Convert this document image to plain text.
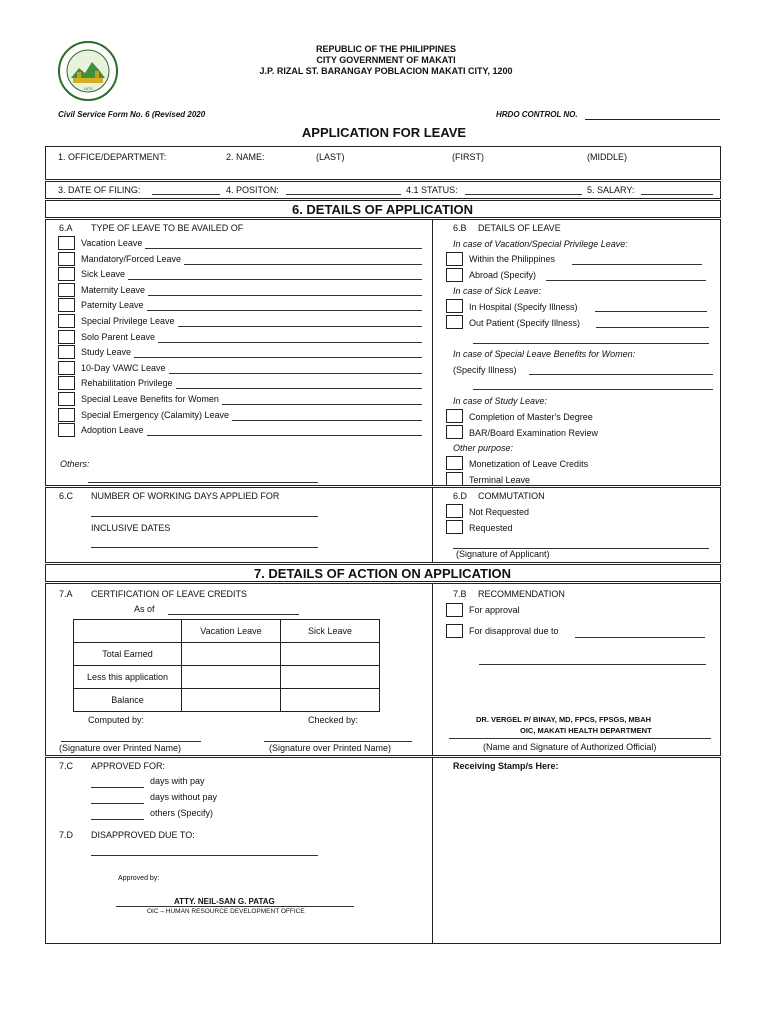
1670
REPUBLIC OF THE PHILIPPINES
CITY GOVERNMENT OF MAKATI
J.P. RIZAL ST. BARANGAY POBLACION MAKATI CITY, 1200
Civil Service Form No. 6 (Revised 2020	HRDO CONTROL NO.
APPLICATION FOR LEAVE
1. OFFICE/DEPARTMENT:	2. NAME:	(LAST)	(FIRST)	(MIDDLE)
3. DATE OF FILING:	4. POSITON:	4.1 STATUS:	5. SALARY:
6. DETAILS OF APPLICATION
6.A TYPE OF LEAVE TO BE AVAILED OF
Vacation Leave
Mandatory/Forced Leave
Sick Leave
Maternity Leave
Paternity Leave
Special Privilege Leave
Solo Parent Leave
Study Leave
10-Day VAWC Leave
Rehabilitation Privilege
Special Leave Benefits for Women
Special Emergency (Calamity) Leave
Adoption Leave
Others:
6.B DETAILS OF LEAVE
In case of Vacation/Special Privilege Leave:
Within the Philippines
Abroad (Specify)
In case of Sick Leave:
In Hospital (Specify Illness)
Out Patient (Specify Illness)
In case of Special Leave Benefits for Women:
(Specify Illness)
In case of Study Leave:
Completion of Master's Degree
BAR/Board Examination Review
Other purpose:
Monetization of Leave Credits
Terminal Leave
6.C NUMBER OF WORKING DAYS APPLIED FOR
INCLUSIVE DATES
6.D COMMUTATION
Not Requested
Requested
(Signature of Applicant)
7. DETAILS OF ACTION ON APPLICATION
7.A CERTIFICATION OF LEAVE CREDITS
As of
Computed by:	Checked by:
(Signature over Printed Name)	(Signature over Printed Name)
7.B RECOMMENDATION
For approval
For disapproval due to
DR. VERGEL P/ BINAY, MD, FPCS, FPSGS, MBAH
OIC, MAKATI HEALTH DEPARTMENT
(Name and Signature of Authorized Official)
	Vacation Leave	Sick Leave
Total Earned		
Less this application		
Balance		
7.C APPROVED FOR:
days with pay
days without pay
others (Specify)
7.D DISAPPROVED DUE TO:
Approved by:
ATTY. NEIL-SAN G. PATAG
OIC – HUMAN RESOURCE DEVELOPMENT OFFICE
Receiving Stamp/s Here:
